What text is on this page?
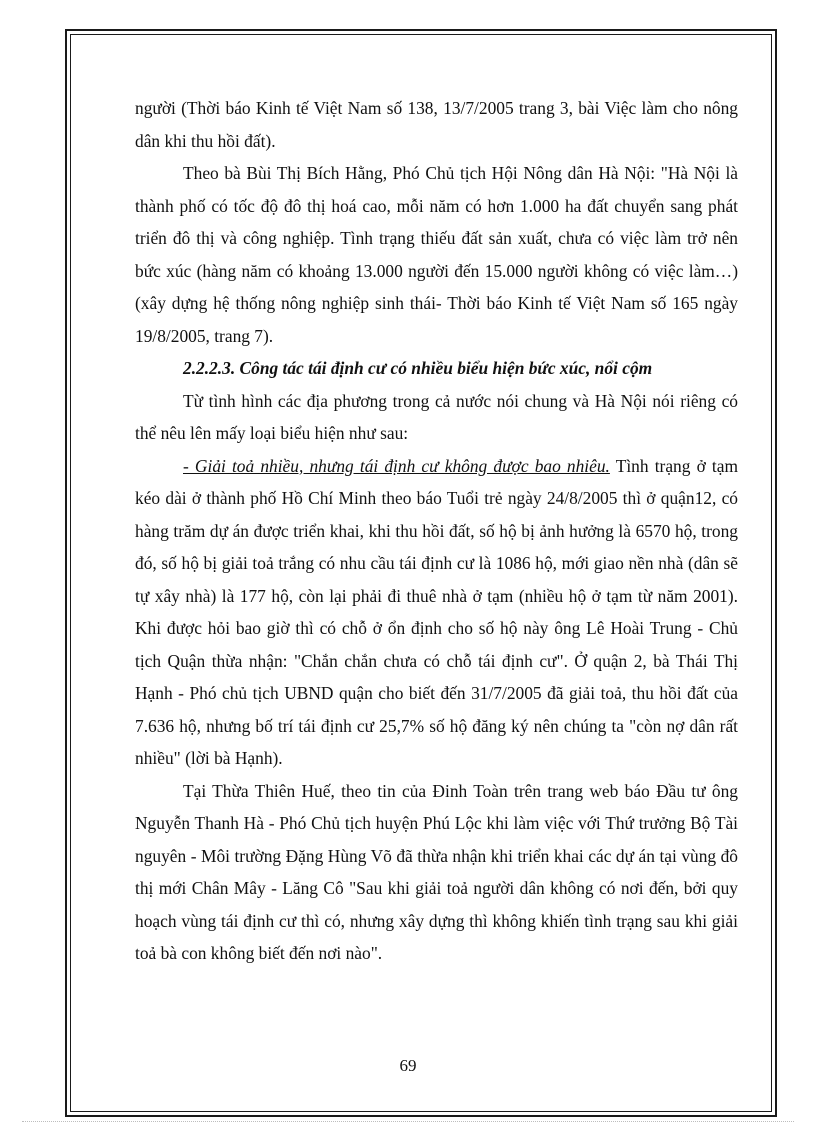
người (Thời báo Kinh tế Việt Nam số 138, 13/7/2005 trang 3, bài Việc làm cho nông dân khi thu hồi đất).

Theo bà Bùi Thị Bích Hằng, Phó Chủ tịch Hội Nông dân Hà Nội: "Hà Nội là thành phố có tốc độ đô thị hoá cao, mỗi năm có hơn 1.000 ha đất chuyển sang phát triển đô thị và công nghiệp. Tình trạng thiếu đất sản xuất, chưa có việc làm trở nên bức xúc (hàng năm có khoảng 13.000 người đến 15.000 người không có việc làm…) (xây dựng hệ thống nông nghiệp sinh thái- Thời báo Kinh tế Việt Nam số 165 ngày 19/8/2005, trang 7).

2.2.2.3. Công tác tái định cư có nhiều biểu hiện bức xúc, nổi cộm

Từ tình hình các địa phương trong cả nước nói chung và Hà Nội nói riêng có thể nêu lên mấy loại biểu hiện như sau:

- Giải toả nhiều, nhưng tái định cư không được bao nhiêu. Tình trạng ở tạm kéo dài ở thành phố Hồ Chí Minh theo báo Tuổi trẻ ngày 24/8/2005 thì ở quận12, có hàng trăm dự án được triển khai, khi thu hồi đất, số hộ bị ảnh hưởng là 6570 hộ, trong đó, số hộ bị giải toả trắng có nhu cầu tái định cư là 1086 hộ, mới giao nền nhà (dân sẽ tự xây nhà) là 177 hộ, còn lại phải đi thuê nhà ở tạm (nhiều hộ ở tạm từ năm 2001). Khi được hỏi bao giờ thì có chỗ ở ổn định cho số hộ này ông Lê Hoài Trung - Chủ tịch Quận thừa nhận: "Chắn chắn chưa có chỗ tái định cư". Ở quận 2, bà Thái Thị Hạnh - Phó chủ tịch UBND quận cho biết đến 31/7/2005 đã giải toả, thu hồi đất của 7.636 hộ, nhưng bố trí tái định cư 25,7% số hộ đăng ký nên chúng ta "còn nợ dân rất nhiều" (lời bà Hạnh).

Tại Thừa Thiên Huế, theo tin của Đinh Toàn trên trang web báo Đầu tư ông Nguyễn Thanh Hà - Phó Chủ tịch huyện Phú Lộc khi làm việc với Thứ trưởng Bộ Tài nguyên - Môi trường Đặng Hùng Võ đã thừa nhận khi triển khai các dự án tại vùng đô thị mới Chân Mây - Lăng Cô "Sau khi giải toả người dân không có nơi đến, bởi quy hoạch vùng tái định cư thì có, nhưng xây dựng thì không khiến tình trạng sau khi giải toả bà con không biết đến nơi nào".

69
